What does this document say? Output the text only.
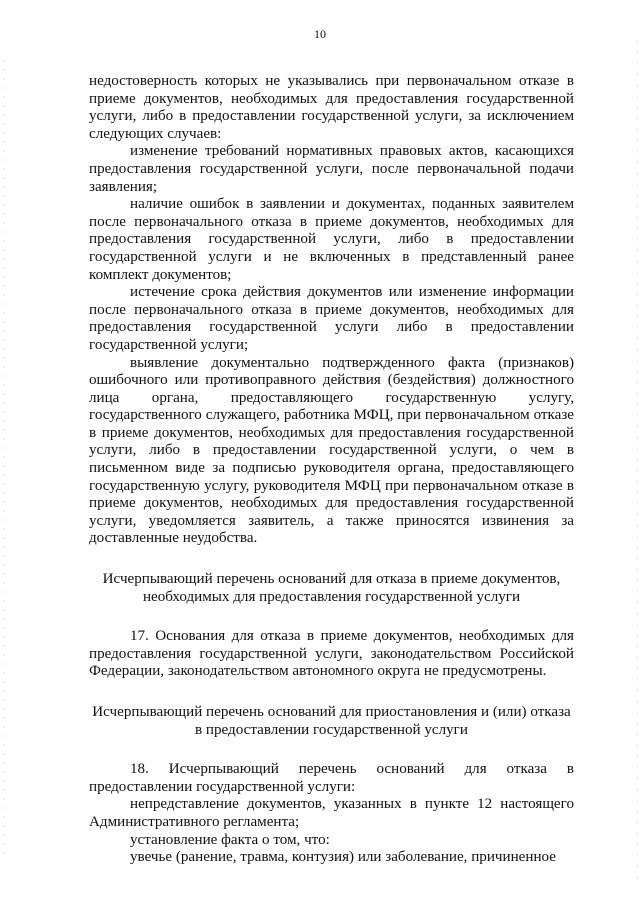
10

недостоверность которых не указывались при первоначальном отказе в приеме документов, необходимых для предоставления государственной услуги, либо в предоставлении государственной услуги, за исключением следующих случаев:

изменение требований нормативных правовых актов, касающихся предоставления государственной услуги, после первоначальной подачи заявления;

наличие ошибок в заявлении и документах, поданных заявителем после первоначального отказа в приеме документов, необходимых для предоставления государственной услуги, либо в предоставлении государственной услуги и не включенных в представленный ранее комплект документов;

истечение срока действия документов или изменение информации после первоначального отказа в приеме документов, необходимых для предоставления государственной услуги либо в предоставлении государственной услуги;

выявление документально подтвержденного факта (признаков) ошибочного или противоправного действия (бездействия) должностного лица органа, предоставляющего государственную услугу, государственного служащего, работника МФЦ, при первоначальном отказе в приеме документов, необходимых для предоставления государственной услуги, либо в предоставлении государственной услуги, о чем в письменном виде за подписью руководителя органа, предоставляющего государственную услугу, руководителя МФЦ при первоначальном отказе в приеме документов, необходимых для предоставления государственной услуги, уведомляется заявитель, а также приносятся извинения за доставленные неудобства.

Исчерпывающий перечень оснований для отказа в приеме документов,
необходимых для предоставления государственной услуги

17. Основания для отказа в приеме документов, необходимых для предоставления государственной услуги, законодательством Российской Федерации, законодательством автономного округа не предусмотрены.

Исчерпывающий перечень оснований для приостановления и (или) отказа
в предоставлении государственной услуги

18. Исчерпывающий перечень оснований для отказа в предоставлении государственной услуги:

непредставление документов, указанных в пункте 12 настоящего Административного регламента;

установление факта о том, что:

увечье (ранение, травма, контузия) или заболевание, причиненное
